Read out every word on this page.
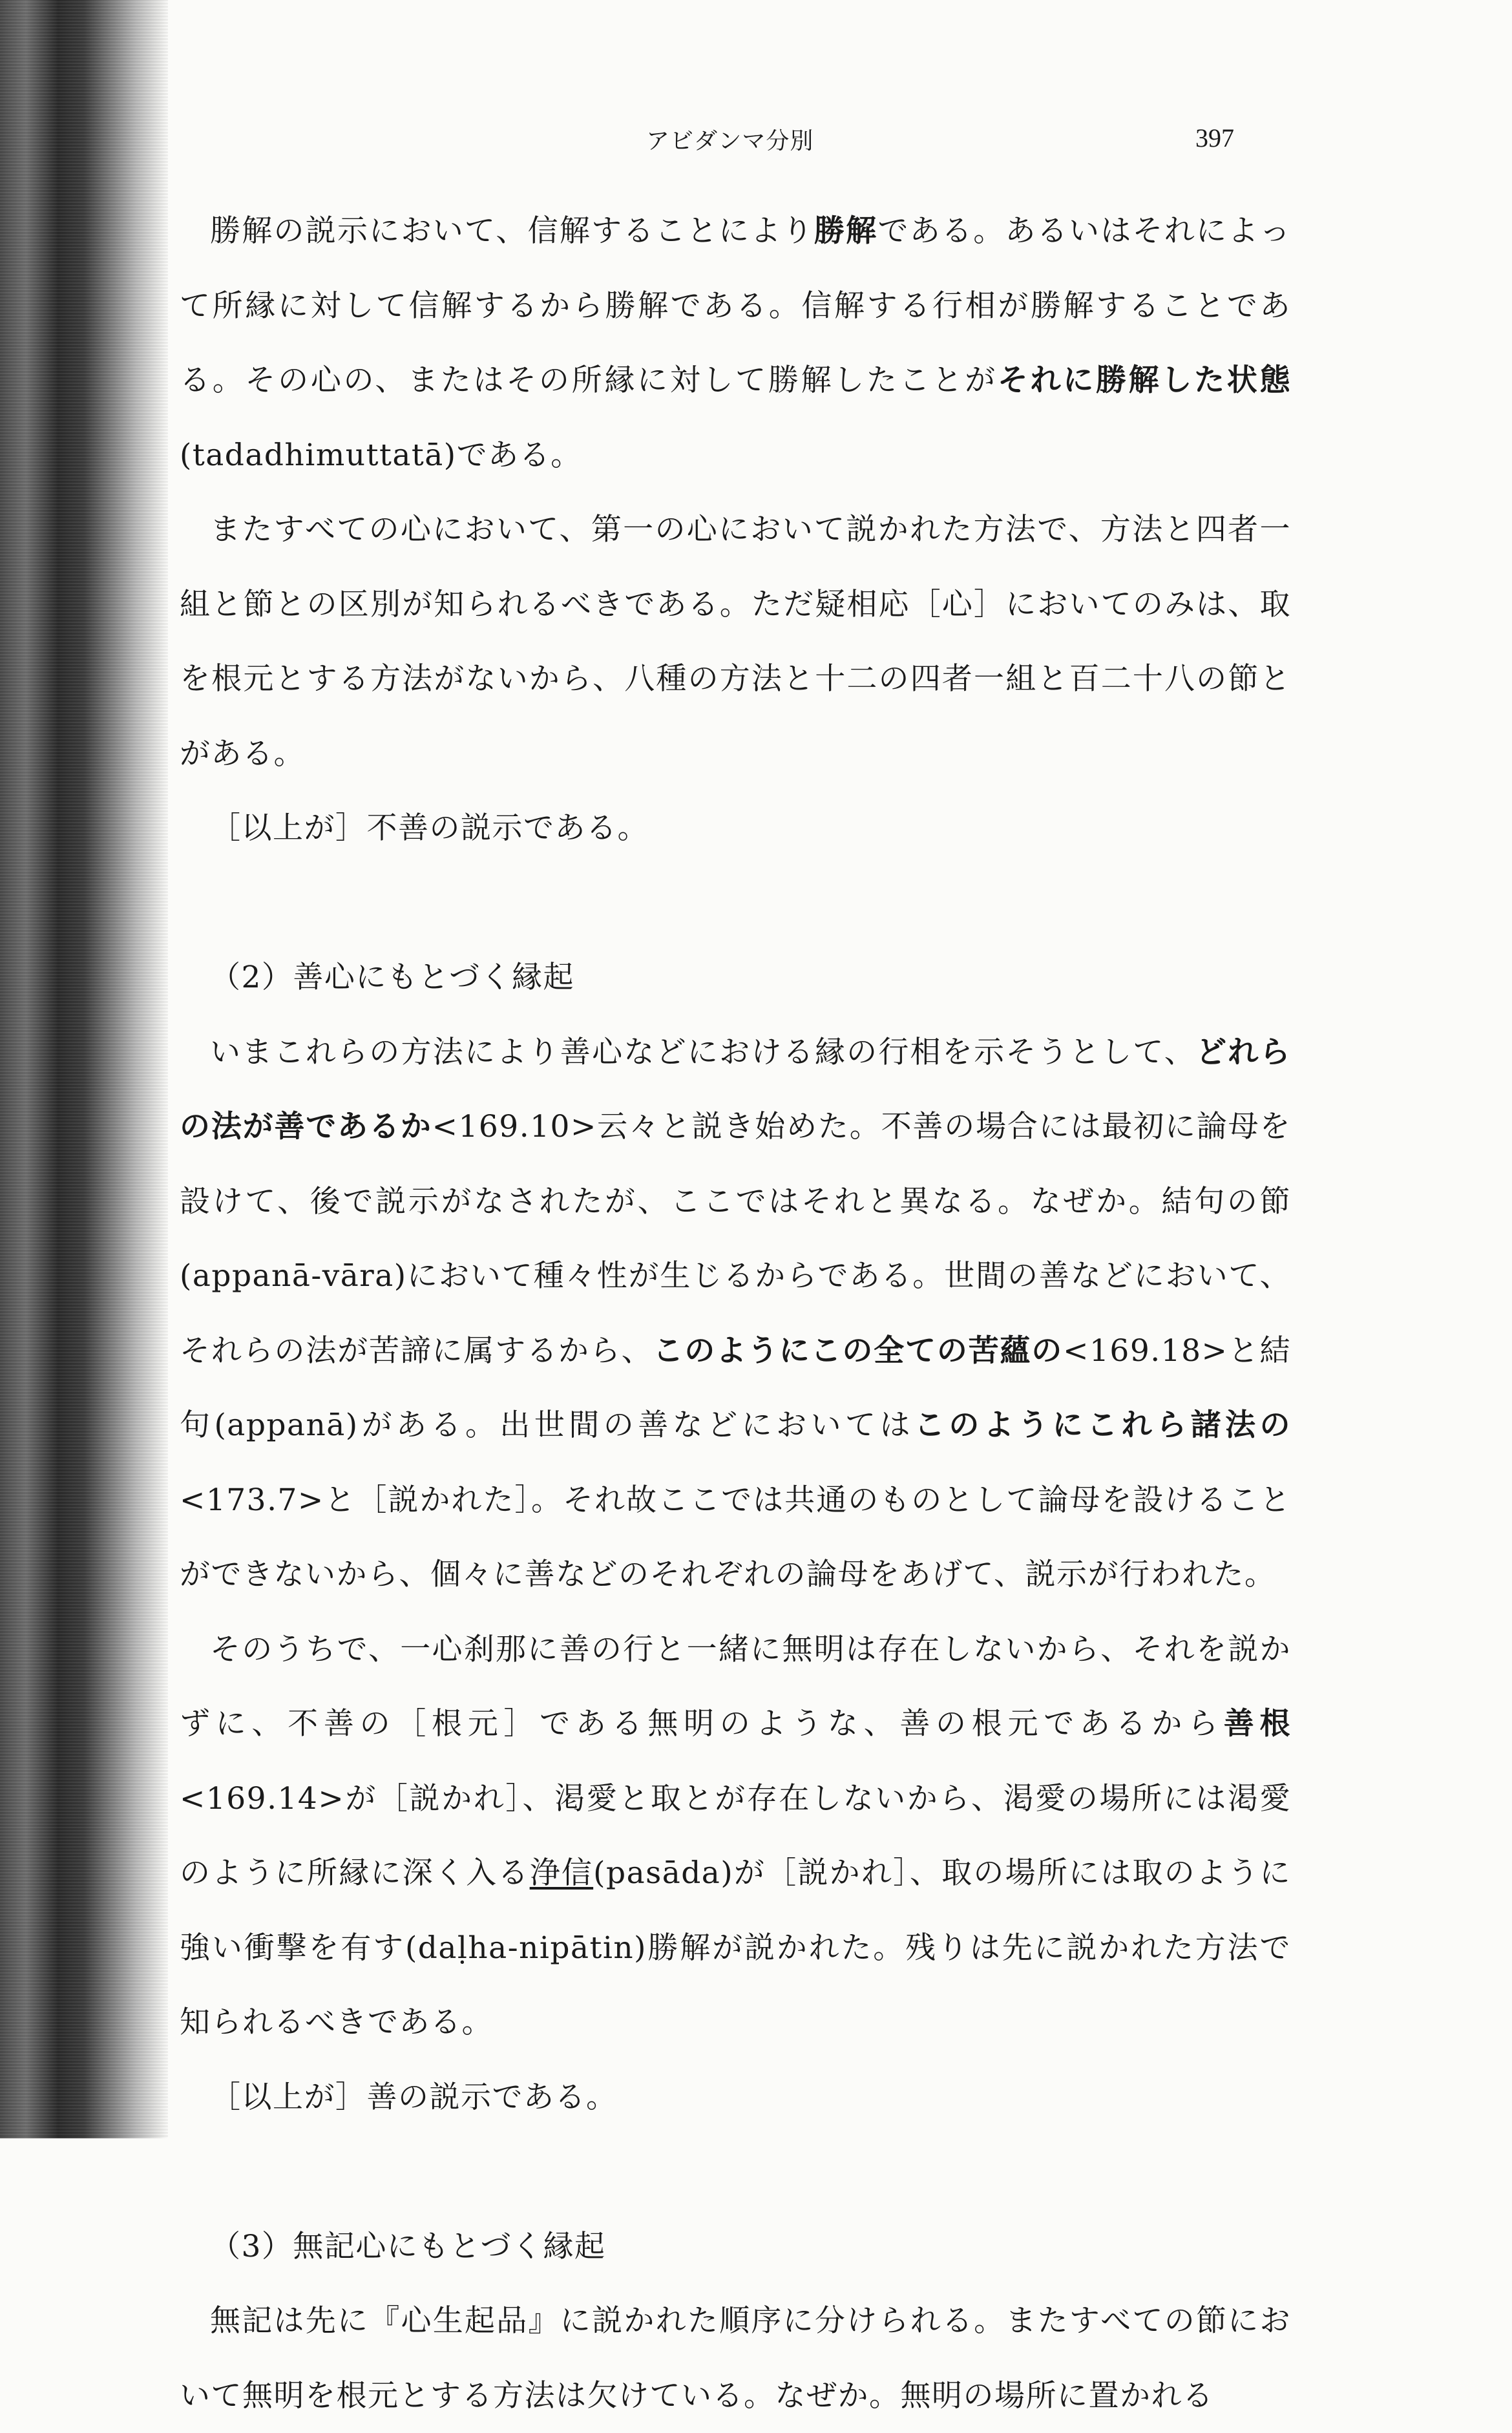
アビダンマ分別	397

勝解の説示において、信解することにより勝解である。あるいはそれによって所縁に対して信解するから勝解である。信解する行相が勝解することである。その心の、またはその所縁に対して勝解したことがそれに勝解した状態(tadadhimuttatā)である。

またすべての心において、第一の心において説かれた方法で、方法と四者一組と節との区別が知られるべきである。ただ疑相応［心］においてのみは、取を根元とする方法がないから、八種の方法と十二の四者一組と百二十八の節とがある。

［以上が］不善の説示である。

（2）善心にもとづく縁起

いまこれらの方法により善心などにおける縁の行相を示そうとして、どれらの法が善であるか<169.10>云々と説き始めた。不善の場合には最初に論母を設けて、後で説示がなされたが、ここではそれと異なる。なぜか。結句の節(appanā-vāra)において種々性が生じるからである。世間の善などにおいて、それらの法が苦諦に属するから、このようにこの全ての苦蘊の<169.18>と結句(appanā)がある。出世間の善などにおいてはこのようにこれら諸法の<173.7>と［説かれた］。それ故ここでは共通のものとして論母を設けることができないから、個々に善などのそれぞれの論母をあげて、説示が行われた。

そのうちで、一心刹那に善の行と一緒に無明は存在しないから、それを説かずに、不善の［根元］である無明のような、善の根元であるから善根<169.14>が［説かれ］、渇愛と取とが存在しないから、渇愛の場所には渇愛のように所縁に深く入る浄信(pasāda)が［説かれ］、取の場所には取のように強い衝撃を有す(daḷha-nipātin)勝解が説かれた。残りは先に説かれた方法で知られるべきである。

［以上が］善の説示である。

（3）無記心にもとづく縁起

無記は先に『心生起品』に説かれた順序に分けられる。またすべての節において無明を根元とする方法は欠けている。なぜか。無明の場所に置かれる
